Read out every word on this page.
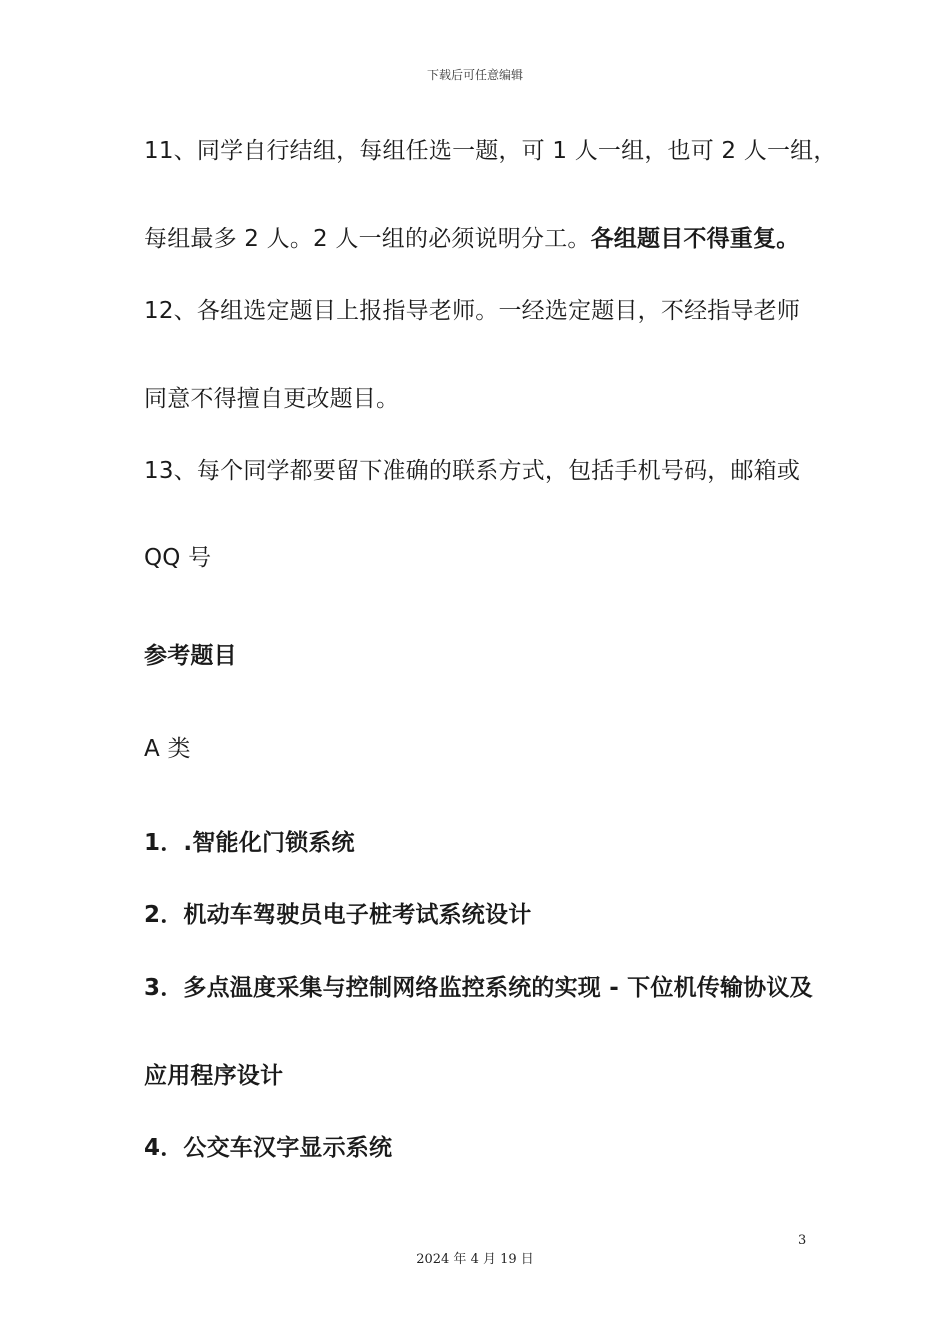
下载后可任意编辑
11、同学自行结组，每组任选一题，可 1 人一组，也可 2 人一组，
每组最多 2 人。2 人一组的必须说明分工。各组题目不得重复。
12、各组选定题目上报指导老师。一经选定题目，不经指导老师
同意不得擅自更改题目。
13、每个同学都要留下准确的联系方式，包括手机号码，邮箱或
QQ 号
参考题目
A 类
1．.智能化门锁系统
2．机动车驾驶员电子桩考试系统设计
3．多点温度采集与控制网络监控系统的实现 - 下位机传输协议及
应用程序设计
4．公交车汉字显示系统
3
2024 年 4 月 19 日
